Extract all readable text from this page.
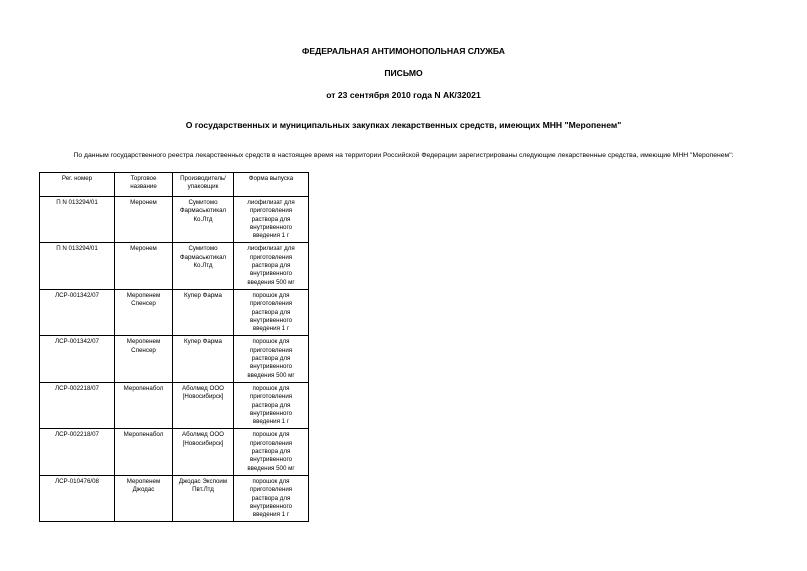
ФЕДЕРАЛЬНАЯ АНТИМОНОПОЛЬНАЯ СЛУЖБА
ПИСЬМО
от 23 сентября 2010 года N АК/32021
О государственных и муниципальных закупках лекарственных средств, имеющих МНН "Меропенем"
По данным государственного реестра лекарственных средств в настоящее время на территории Российской Федерации зарегистрированы следующие лекарственные средства, имеющие МНН "Меропенем":
Рег. номер	Торговое название	Производитель/ упаковщик	Форма выпуска
П N 013294/01	Меронем	Сумитомо Фармасьютикал Ко.Лтд	лиофилизат для приготовления раствора для внутривенного введения 1 г
П N 013294/01	Меронем	Сумитомо Фармасьютикал Ко.Лтд	лиофилизат для приготовления раствора для внутривенного введения 500 мг
ЛСР-001342/07	Меропенем Спенсер	Купер Фарма	порошок для приготовления раствора для внутривенного введения 1 г
ЛСР-001342/07	Меропенем Спенсер	Купер Фарма	порошок для приготовления раствора для внутривенного введения 500 мг
ЛСР-002218/07	Меропенабол	Аболмед ООО [Новосибирск]	порошок для приготовления раствора для внутривенного введения 1 г
ЛСР-002218/07	Меропенабол	Аболмед ООО [Новосибирск]	порошок для приготовления раствора для внутривенного введения 500 мг
ЛСР-010476/08	Меропенем Джодас	Джодас Экспоим Пвт.Лтд	порошок для приготовления раствора для внутривенного введения 1 г
